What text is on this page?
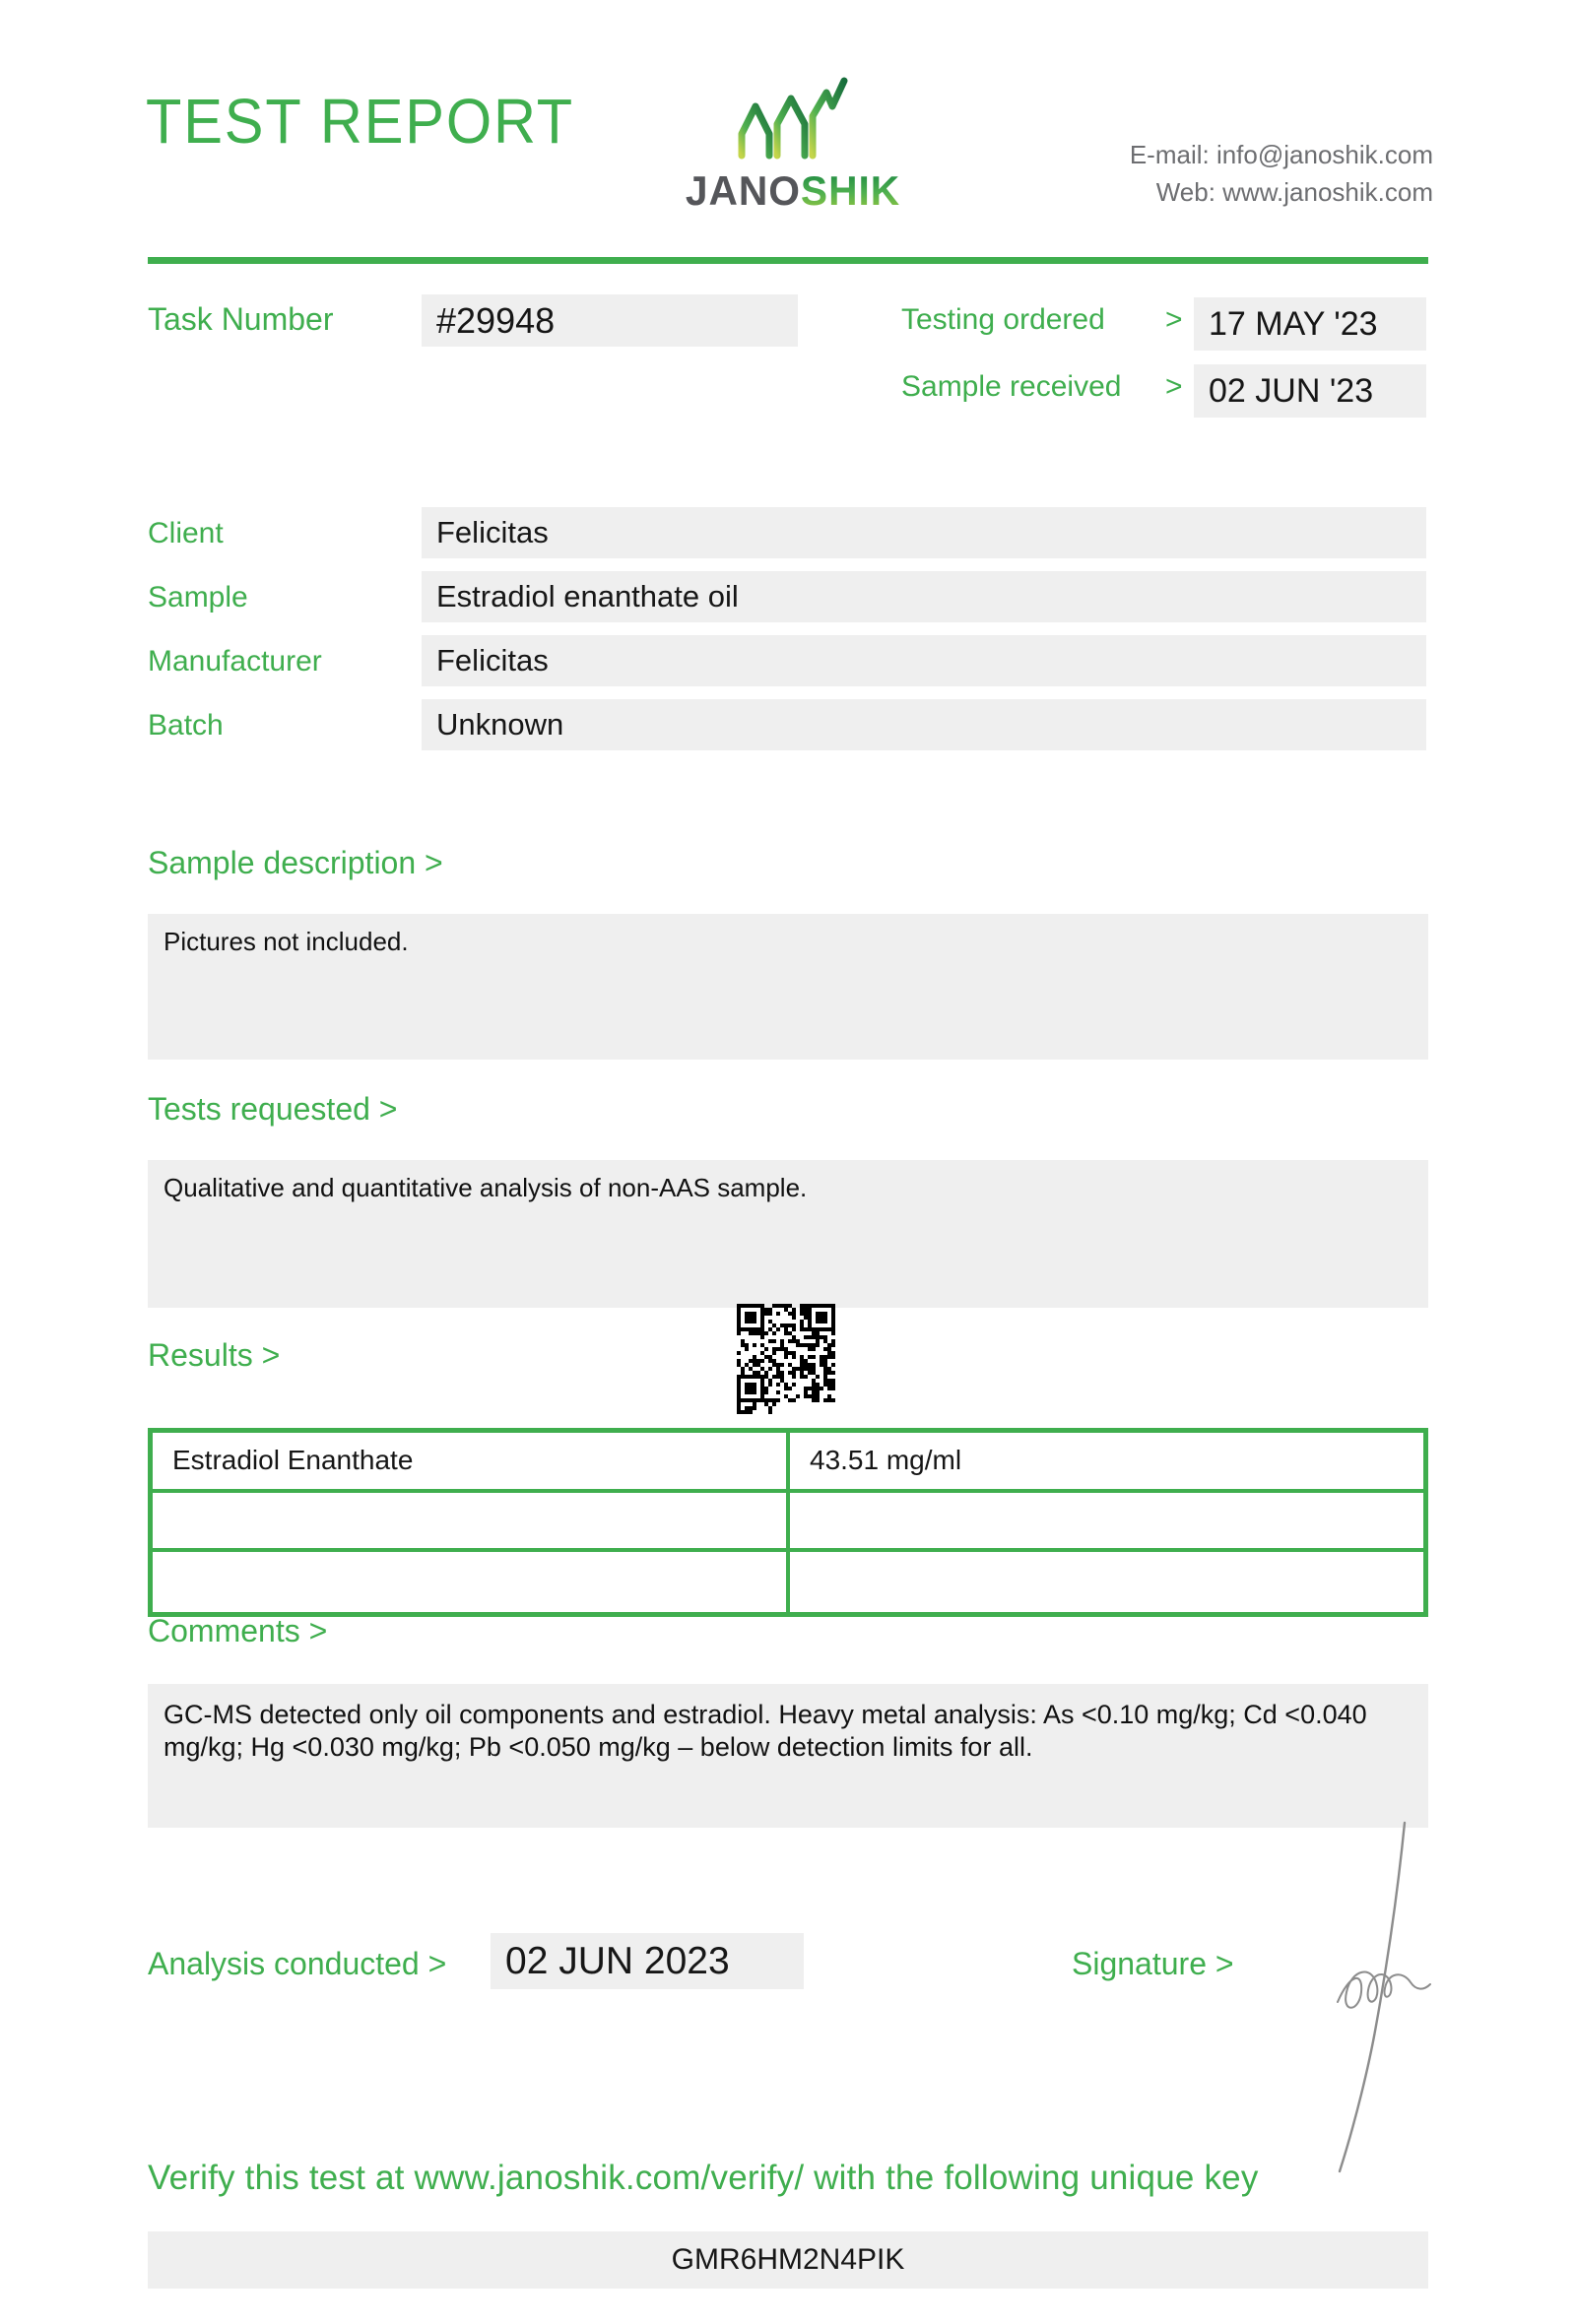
TEST REPORT
JANOSHIK
E-mail: info@janoshik.com
Web: www.janoshik.com
Task Number	#29948	Testing ordered > 17 MAY '23
Sample received > 02 JUN '23
Client	Felicitas
Sample	Estradiol enanthate oil
Manufacturer	Felicitas
Batch	Unknown
Sample description >
Pictures not included.
Tests requested >
Qualitative and quantitative analysis of non-AAS sample.
Results >
Estradiol Enanthate	43.51 mg/ml
Comments >
GC-MS detected only oil components and estradiol. Heavy metal analysis: As <0.10 mg/kg; Cd <0.040 mg/kg; Hg <0.030 mg/kg; Pb <0.050 mg/kg – below detection limits for all.
Analysis conducted >	02 JUN 2023	Signature >
Verify this test at www.janoshik.com/verify/ with the following unique key
GMR6HM2N4PIK
